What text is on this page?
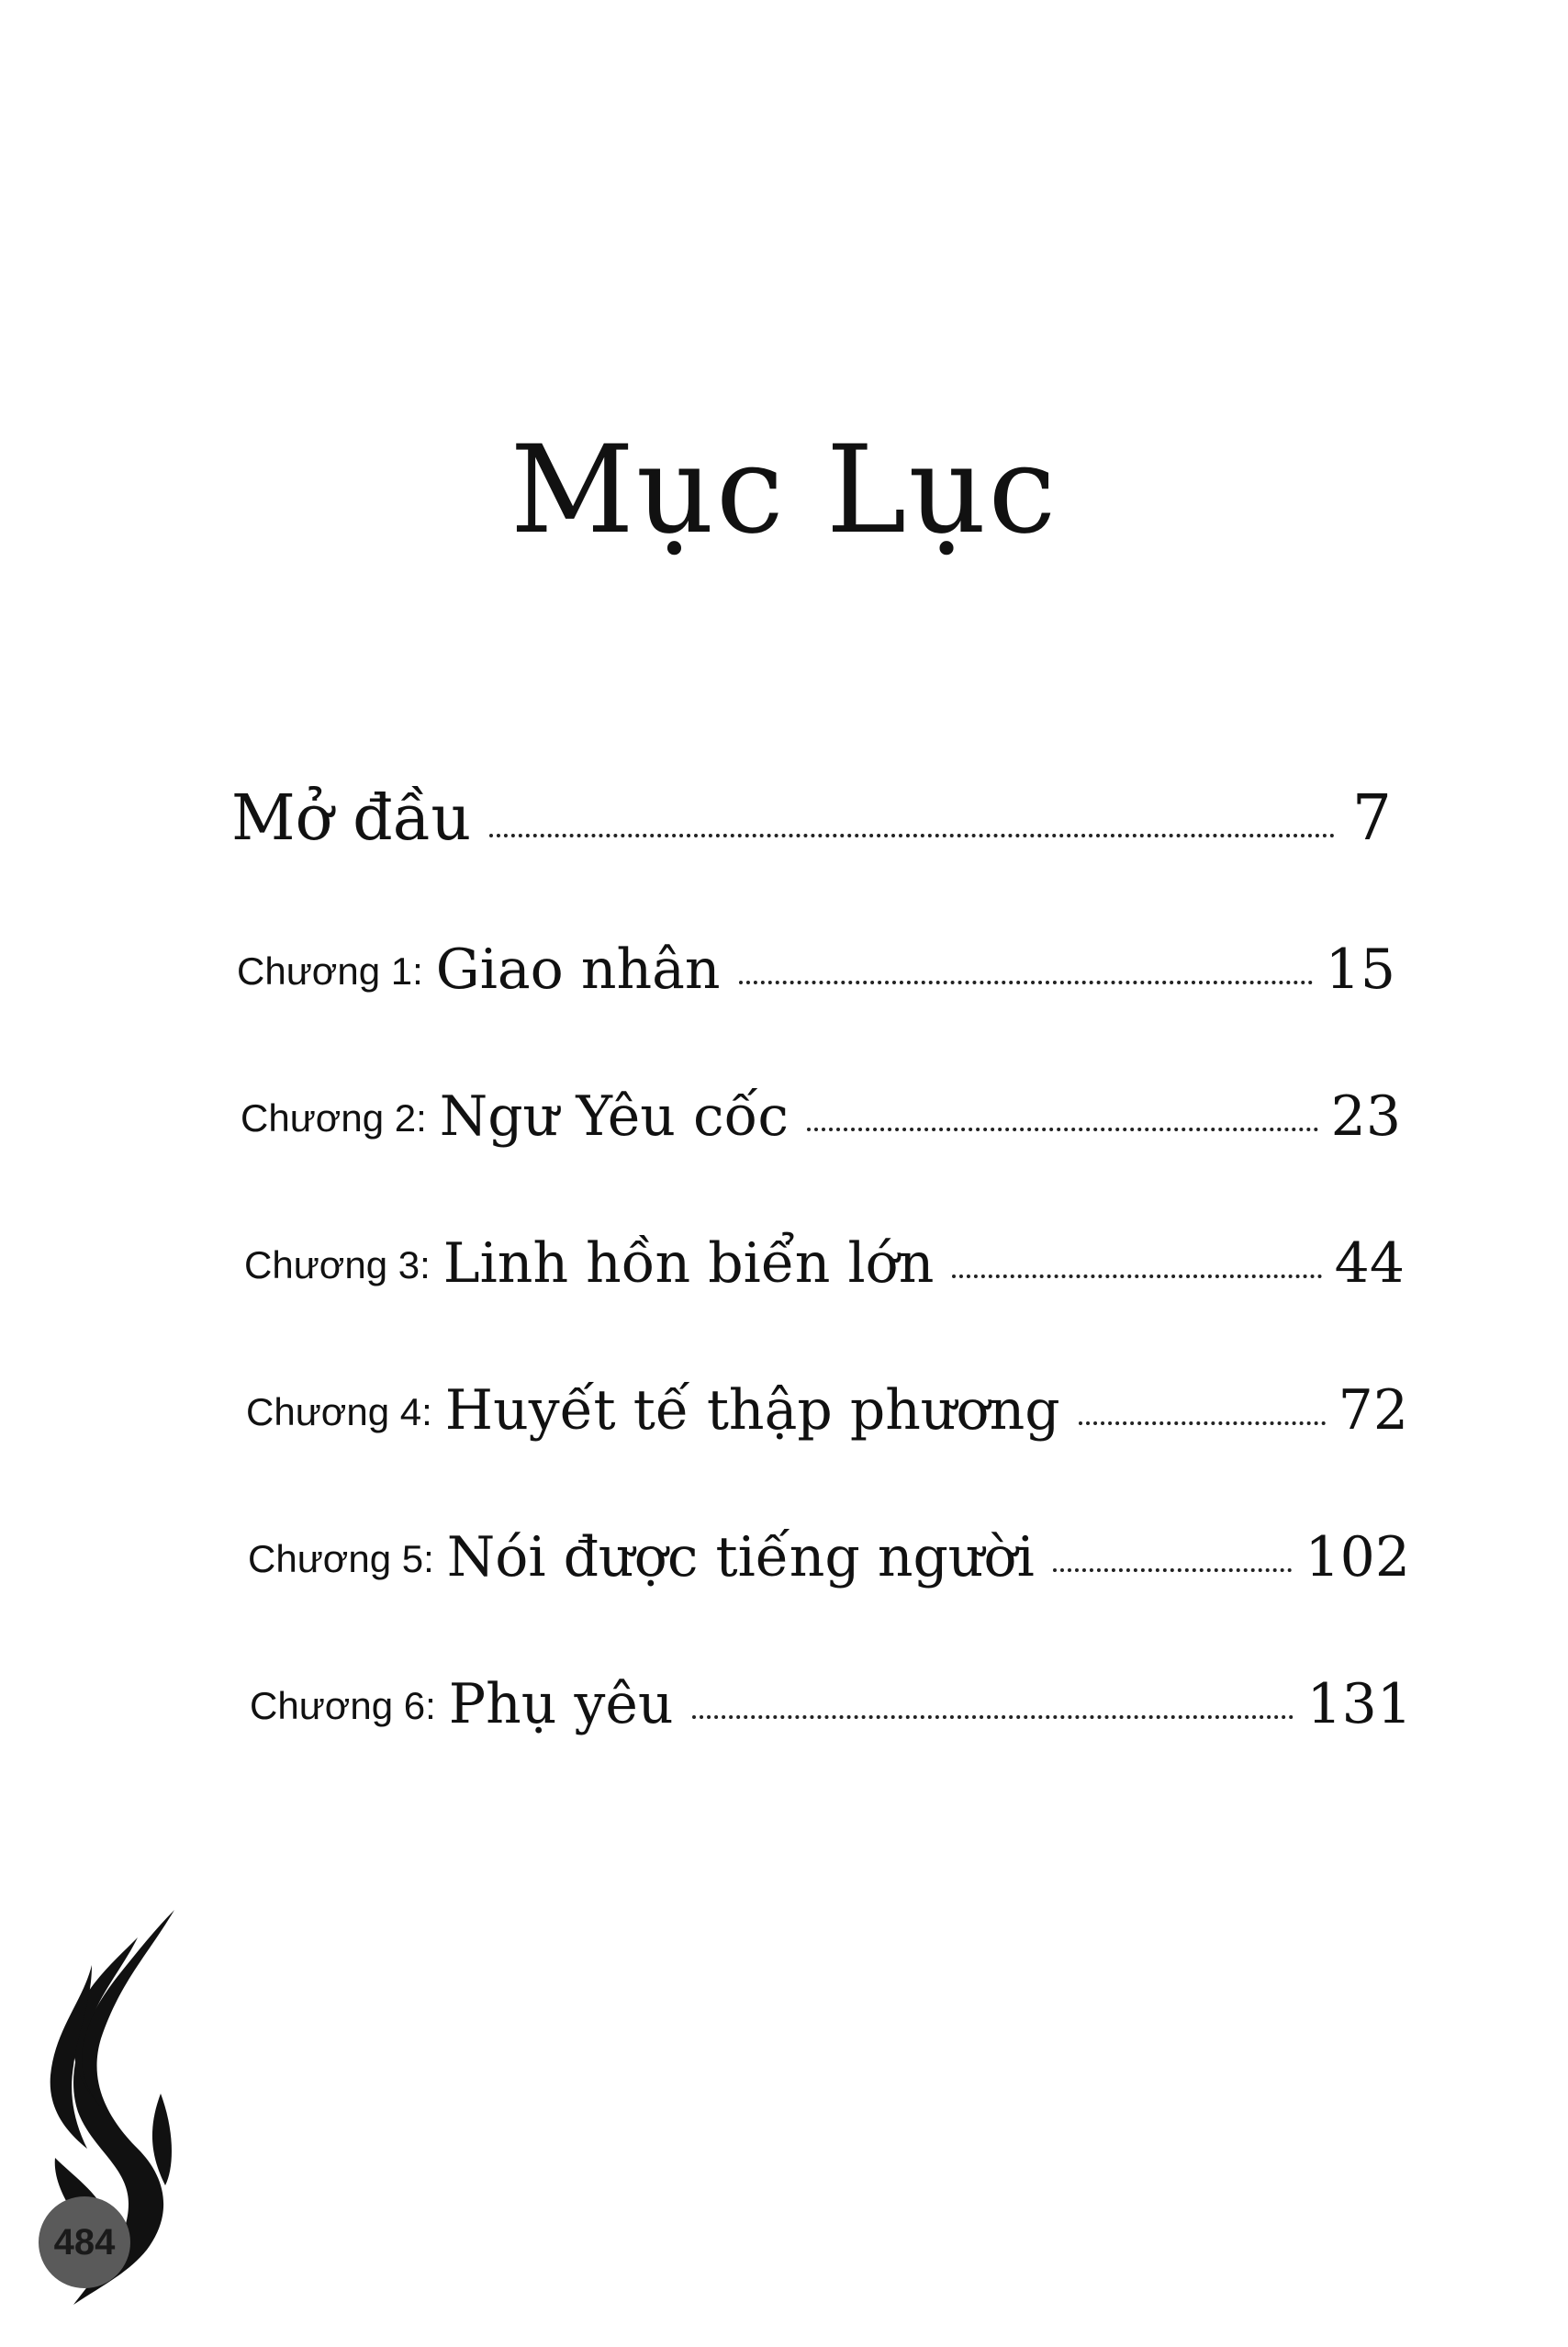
Mục Lục
Mở đầu	7
Chương 1: Giao nhân	15
Chương 2: Ngư Yêu cốc	23
Chương 3: Linh hồn biển lớn	44
Chương 4: Huyết tế thập phương	72
Chương 5: Nói được tiếng người	102
Chương 6: Phụ yêu	131
484
